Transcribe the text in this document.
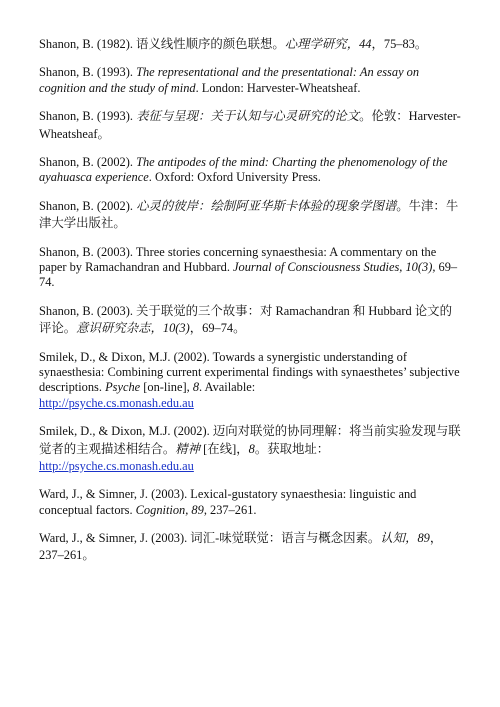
Shanon, B. (1982). 语义线性顺序的颜色联想。心理学研究，44，75–83。

Shanon, B. (1993). The representational and the presentational: An essay on cognition and the study of mind. London: Harvester-Wheatsheaf.

Shanon, B. (1993). 表征与呈现：关于认知与心灵研究的论文。伦敦：Harvester-Wheatsheaf。

Shanon, B. (2002). The antipodes of the mind: Charting the phenomenology of the ayahuasca experience. Oxford: Oxford University Press.

Shanon, B. (2002). 心灵的彼岸：绘制阿亚华斯卡体验的现象学图谱。牛津：牛津大学出版社。

Shanon, B. (2003). Three stories concerning synaesthesia: A commentary on the paper by Ramachandran and Hubbard. Journal of Consciousness Studies, 10(3), 69–74.

Shanon, B. (2003). 关于联觉的三个故事：对 Ramachandran 和 Hubbard 论文的评论。意识研究杂志，10(3)，69–74。

Smilek, D., & Dixon, M.J. (2002). Towards a synergistic understanding of synaesthesia: Combining current experimental findings with synaesthetes’ subjective descriptions. Psyche [on-line], 8. Available:
http://psyche.cs.monash.edu.au

Smilek, D., & Dixon, M.J. (2002). 迈向对联觉的协同理解：将当前实验发现与联觉者的主观描述相结合。精神 [在线]，8。获取地址：
http://psyche.cs.monash.edu.au

Ward, J., & Simner, J. (2003). Lexical-gustatory synaesthesia: linguistic and conceptual factors. Cognition, 89, 237–261.

Ward, J., & Simner, J. (2003). 词汇-味觉联觉：语言与概念因素。认知，89，237–261。
